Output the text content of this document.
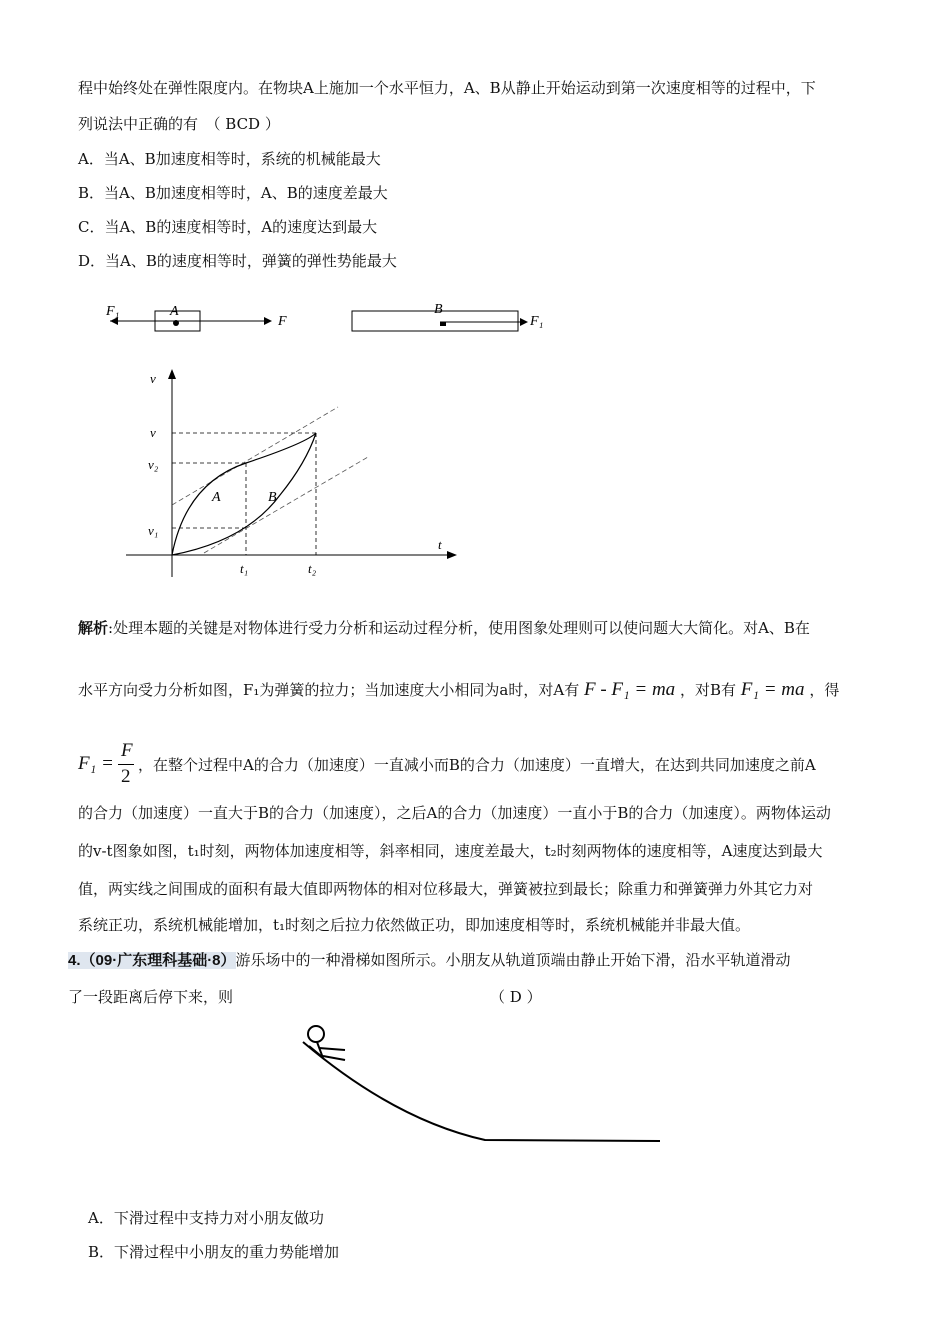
程中始终处在弹性限度内。在物块A上施加一个水平恒力，A、B从静止开始运动到第一次速度相等的过程中，下
列说法中正确的有　（ BCD ）
A．当A、B加速度相等时，系统的机械能最大
B．当A、B加速度相等时，A、B的速度差最大
C．当A、B的速度相等时，A的速度达到最大
D．当A、B的速度相等时，弹簧的弹性势能最大
F₁	A
F
B
F₁
v
t
v
v₂
v₁
A	B
t₁	t₂
解析:处理本题的关键是对物体进行受力分析和运动过程分析，使用图象处理则可以使问题大大简化。对A、B在
水平方向受力分析如图，F₁为弹簧的拉力；当加速度大小相同为a时，对A有 F - F₁ = ma ，对B有 F₁ = ma ，得
F₁ =
F
2
，在整个过程中A的合力（加速度）一直减小而B的合力（加速度）一直增大，在达到共同加速度之前A
的合力（加速度）一直大于B的合力（加速度），之后A的合力（加速度）一直小于B的合力（加速度）。两物体运动
的v-t图象如图，t₁时刻，两物体加速度相等，斜率相同，速度差最大，t₂时刻两物体的速度相等，A速度达到最大
值，两实线之间围成的面积有最大值即两物体的相对位移最大，弹簧被拉到最长；除重力和弹簧弹力外其它力对
系统正功，系统机械能增加，t₁时刻之后拉力依然做正功，即加速度相等时，系统机械能并非最大值。
4.（09·广东理科基础·8）游乐场中的一种滑梯如图所示。小朋友从轨道顶端由静止开始下滑，沿水平轨道滑动
了一段距离后停下来，则	（ D ）
A．下滑过程中支持力对小朋友做功
B．下滑过程中小朋友的重力势能增加
